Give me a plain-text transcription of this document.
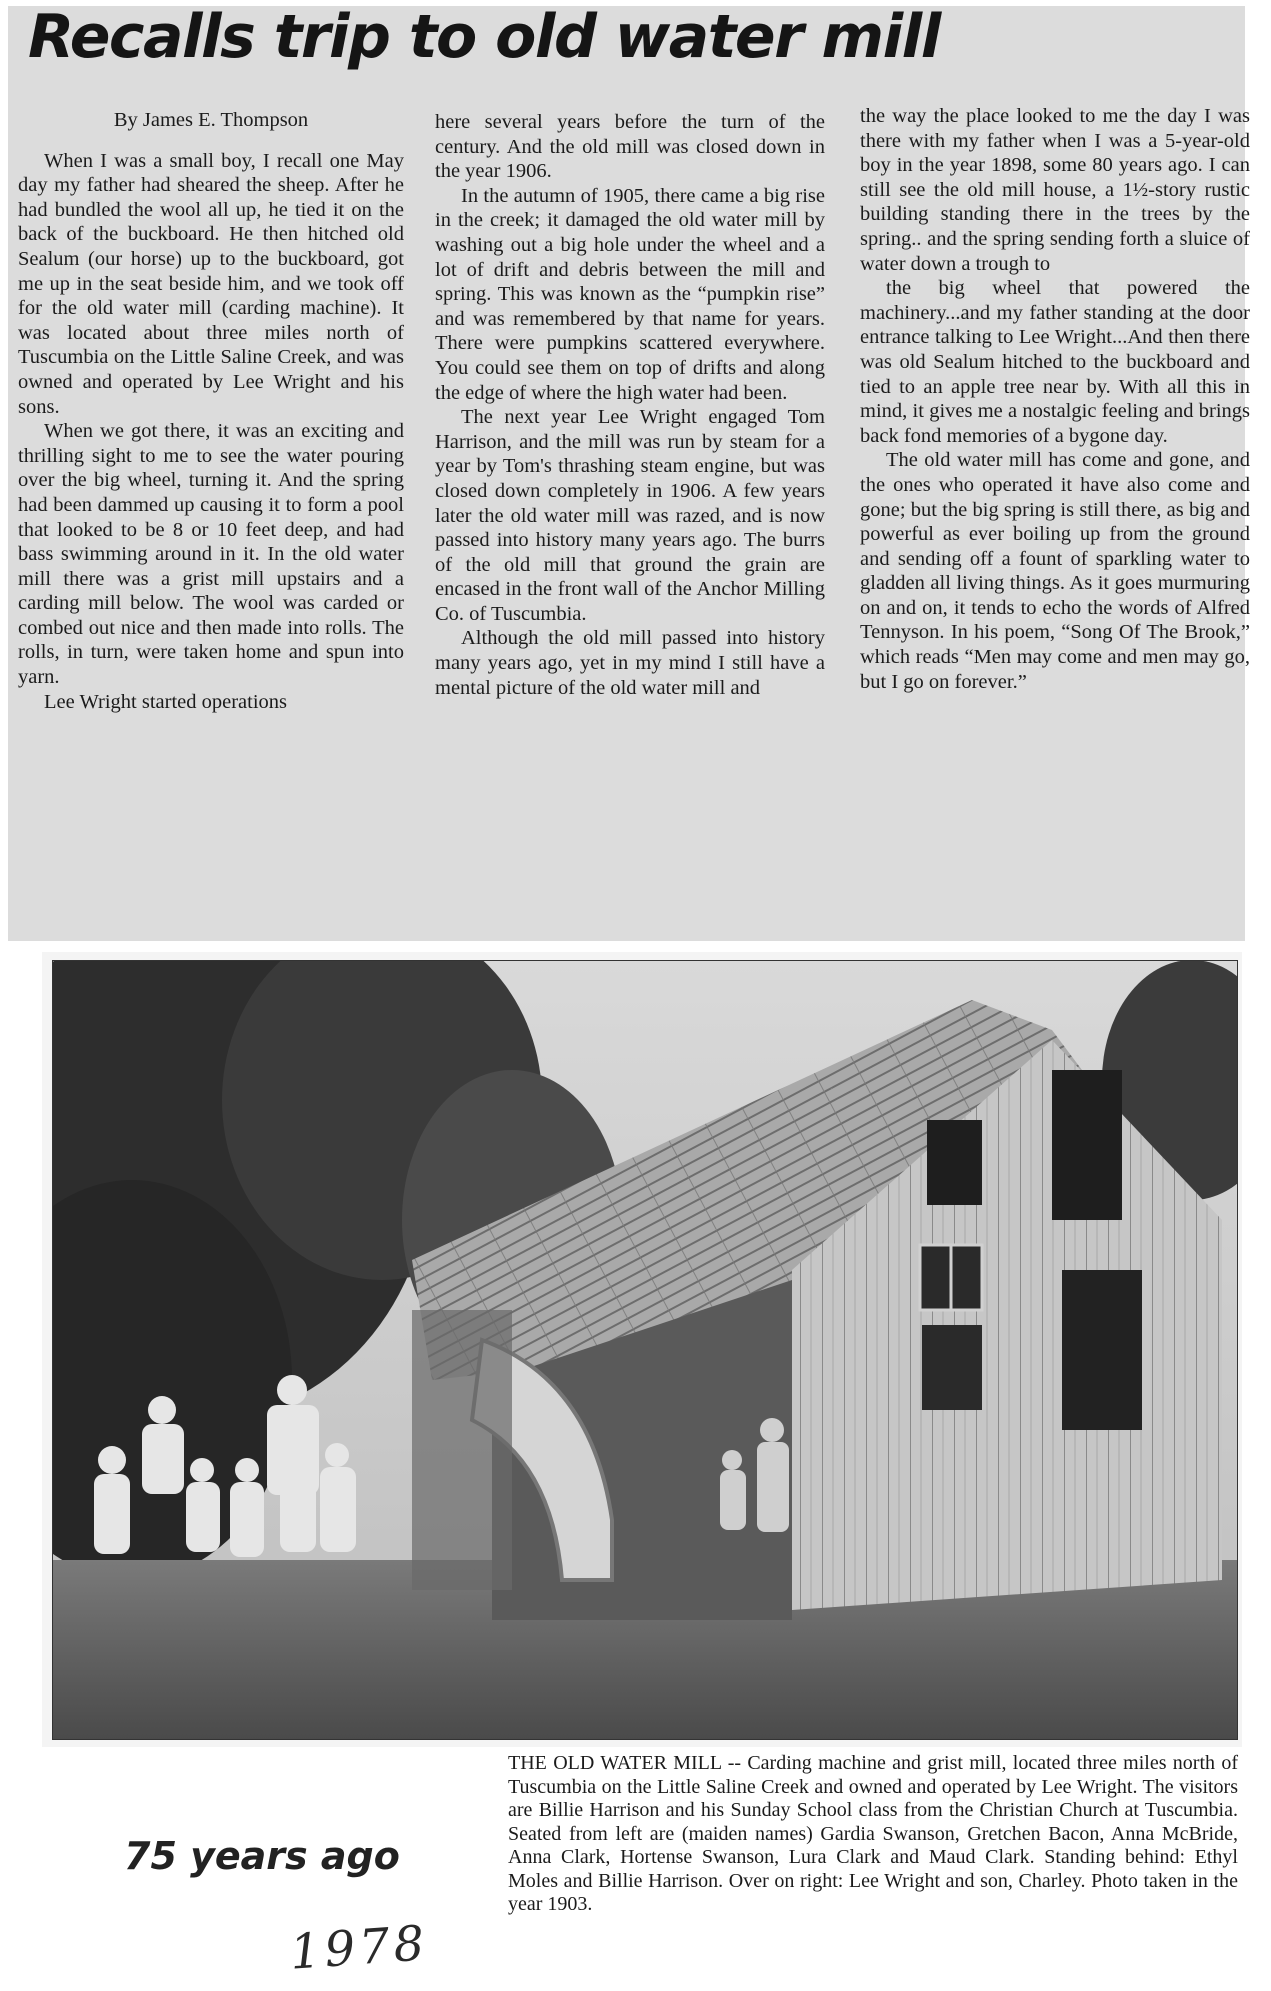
Recalls trip to old water mill

By James E. Thompson

When I was a small boy, I recall one May day my father had sheared the sheep. After he had bundled the wool all up, he tied it on the back of the buckboard. He then hitched old Sealum (our horse) up to the buckboard, got me up in the seat beside him, and we took off for the old water mill (carding machine). It was located about three miles north of Tuscumbia on the Little Saline Creek, and was owned and operated by Lee Wright and his sons.

When we got there, it was an exciting and thrilling sight to me to see the water pouring over the big wheel, turning it. And the spring had been dammed up causing it to form a pool that looked to be 8 or 10 feet deep, and had bass swimming around in it. In the old water mill there was a grist mill upstairs and a carding mill below. The wool was carded or combed out nice and then made into rolls. The rolls, in turn, were taken home and spun into yarn.

Lee Wright started operations

here several years before the turn of the century. And the old mill was closed down in the year 1906.

In the autumn of 1905, there came a big rise in the creek; it damaged the old water mill by washing out a big hole under the wheel and a lot of drift and debris between the mill and spring. This was known as the “pumpkin rise” and was remembered by that name for years. There were pumpkins scattered everywhere. You could see them on top of drifts and along the edge of where the high water had been.

The next year Lee Wright engaged Tom Harrison, and the mill was run by steam for a year by Tom's thrashing steam engine, but was closed down completely in 1906. A few years later the old water mill was razed, and is now passed into history many years ago. The burrs of the old mill that ground the grain are encased in the front wall of the Anchor Milling Co. of Tuscumbia.

Although the old mill passed into history many years ago, yet in my mind I still have a mental picture of the old water mill and

the way the place looked to me the day I was there with my father when I was a 5-year-old boy in the year 1898, some 80 years ago. I can still see the old mill house, a 1½-story rustic building standing there in the trees by the spring.. and the spring sending forth a sluice of water down a trough to

the big wheel that powered the machinery...and my father standing at the door entrance talking to Lee Wright...And then there was old Sealum hitched to the buckboard and tied to an apple tree near by. With all this in mind, it gives me a nostalgic feeling and brings back fond memories of a bygone day.

The old water mill has come and gone, and the ones who operated it have also come and gone; but the big spring is still there, as big and powerful as ever boiling up from the ground and sending off a fount of sparkling water to gladden all living things. As it goes murmuring on and on, it tends to echo the words of Alfred Tennyson. In his poem, “Song Of The Brook,” which reads “Men may come and men may go, but I go on forever.”

THE OLD WATER MILL -- Carding machine and grist mill, located three miles north of Tuscumbia on the Little Saline Creek and owned and operated by Lee Wright. The visitors are Billie Harrison and his Sunday School class from the Christian Church at Tuscumbia. Seated from left are (maiden names) Gardia Swanson, Gretchen Bacon, Anna McBride, Anna Clark, Hortense Swanson, Lura Clark and Maud Clark. Standing behind: Ethyl Moles and Billie Harrison. Over on right: Lee Wright and son, Charley. Photo taken in the year 1903.

75 years ago
1978
